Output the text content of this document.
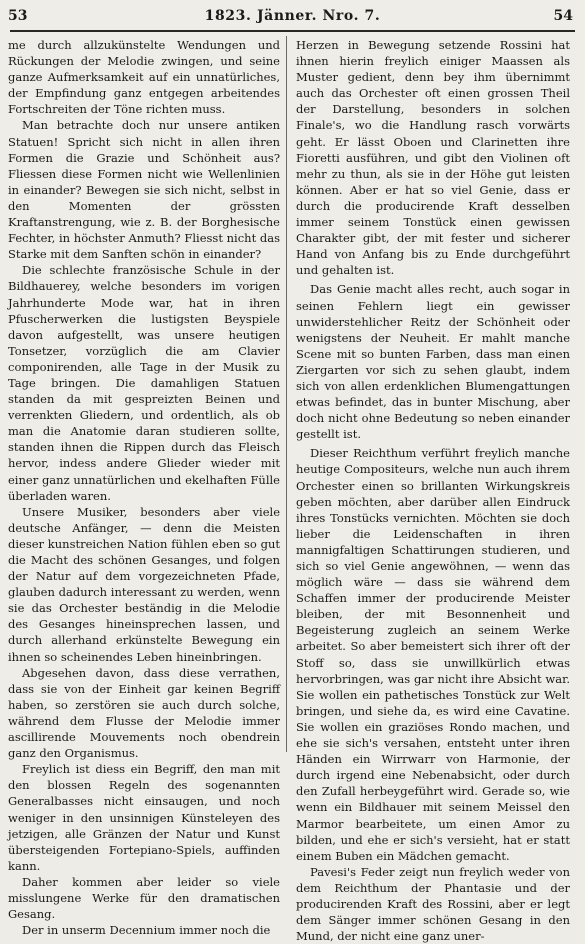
53	1823. Jänner. Nro. 7.	54

me durch allzukünstelte Wendungen und Rückungen der Melodie zwingen, und seine ganze Aufmerksamkeit auf ein unnatürliches, der Empfindung ganz entgegen arbeitendes Fortschreiten der Töne richten muss.

Man betrachte doch nur unsere antiken Statuen! Spricht sich nicht in allen ihren Formen die Grazie und Schönheit aus? Fliessen diese Formen nicht wie Wellenlinien in einander? Bewegen sie sich nicht, selbst in den Momenten der grössten Kraftanstrengung, wie z. B. der Borghesische Fechter, in höchster Anmuth? Fliesst nicht das Starke mit dem Sanften schön in einander?

Die schlechte französische Schule in der Bildhauerey, welche besonders im vorigen Jahrhunderte Mode war, hat in ihren Pfuscherwerken die lustigsten Beyspiele davon aufgestellt, was unsere heutigen Tonsetzer, vorzüglich die am Clavier componirenden, alle Tage in der Musik zu Tage bringen. Die damahligen Statuen standen da mit gespreizten Beinen und verrenkten Gliedern, und ordentlich, als ob man die Anatomie daran studieren sollte, standen ihnen die Rippen durch das Fleisch hervor, indess andere Glieder wieder mit einer ganz unnatürlichen und ekelhaften Fülle überladen waren.

Unsere Musiker, besonders aber viele deutsche Anfänger, — denn die Meisten dieser kunstreichen Nation fühlen eben so gut die Macht des schönen Gesanges, und folgen der Natur auf dem vorgezeichneten Pfade, glauben dadurch interessant zu werden, wenn sie das Orchester beständig in die Melodie des Gesanges hineinsprechen lassen, und durch allerhand erkünstelte Bewegung ein ihnen so scheinendes Leben hineinbringen.

Abgesehen davon, dass diese verrathen, dass sie von der Einheit gar keinen Begriff haben, so zerstören sie auch durch solche, während dem Flusse der Melodie immer ascillirende Mouvements noch obendrein ganz den Organismus.

Freylich ist diess ein Begriff, den man mit den blossen Regeln des sogenannten Generalbasses nicht einsaugen, und noch weniger in den unsinnigen Künsteleyen des jetzigen, alle Gränzen der Natur und Kunst übersteigenden Fortepiano-Spiels, auffinden kann.

Daher kommen aber leider so viele misslungene Werke für den dramatischen Gesang.

Der in unserm Decennium immer noch die

Herzen in Bewegung setzende Rossini hat ihnen hierin freylich einiger Maassen als Muster gedient, denn bey ihm übernimmt auch das Orchester oft einen grossen Theil der Darstellung, besonders in solchen Finale's, wo die Handlung rasch vorwärts geht. Er lässt Oboen und Clarinetten ihre Fioretti ausführen, und gibt den Violinen oft mehr zu thun, als sie in der Höhe gut leisten können. Aber er hat so viel Genie, dass er durch die producirende Kraft desselben immer seinem Tonstück einen gewissen Charakter gibt, der mit fester und sicherer Hand von Anfang bis zu Ende durchgeführt und gehalten ist.

Das Genie macht alles recht, auch sogar in seinen Fehlern liegt ein gewisser unwiderstehlicher Reitz der Schönheit oder wenigstens der Neuheit. Er mahlt manche Scene mit so bunten Farben, dass man einen Ziergarten vor sich zu sehen glaubt, indem sich von allen erdenklichen Blumengattungen etwas befindet, das in bunter Mischung, aber doch nicht ohne Bedeutung so neben einander gestellt ist.

Dieser Reichthum verführt freylich manche heutige Compositeurs, welche nun auch ihrem Orchester einen so brillanten Wirkungskreis geben möchten, aber darüber allen Eindruck ihres Tonstücks vernichten. Möchten sie doch lieber die Leidenschaften in ihren mannigfaltigen Schattirungen studieren, und sich so viel Genie angewöhnen, — wenn das möglich wäre — dass sie während dem Schaffen immer der producirende Meister bleiben, der mit Besonnenheit und Begeisterung zugleich an seinem Werke arbeitet. So aber bemeistert sich ihrer oft der Stoff so, dass sie unwillkürlich etwas hervorbringen, was gar nicht ihre Absicht war. Sie wollen ein pathetisches Tonstück zur Welt bringen, und siehe da, es wird eine Cavatine. Sie wollen ein graziöses Rondo machen, und ehe sie sich's versahen, entsteht unter ihren Händen ein Wirrwarr von Harmonie, der durch irgend eine Nebenabsicht, oder durch den Zufall herbeygeführt wird. Gerade so, wie wenn ein Bildhauer mit seinem Meissel den Marmor bearbeitete, um einen Amor zu bilden, und ehe er sich's versieht, hat er statt einem Buben ein Mädchen gemacht.

Pavesi's Feder zeigt nun freylich weder von dem Reichthum der Phantasie und der producirenden Kraft des Rossini, aber er legt dem Sänger immer schönen Gesang in den Mund, der nicht eine ganz uner-
